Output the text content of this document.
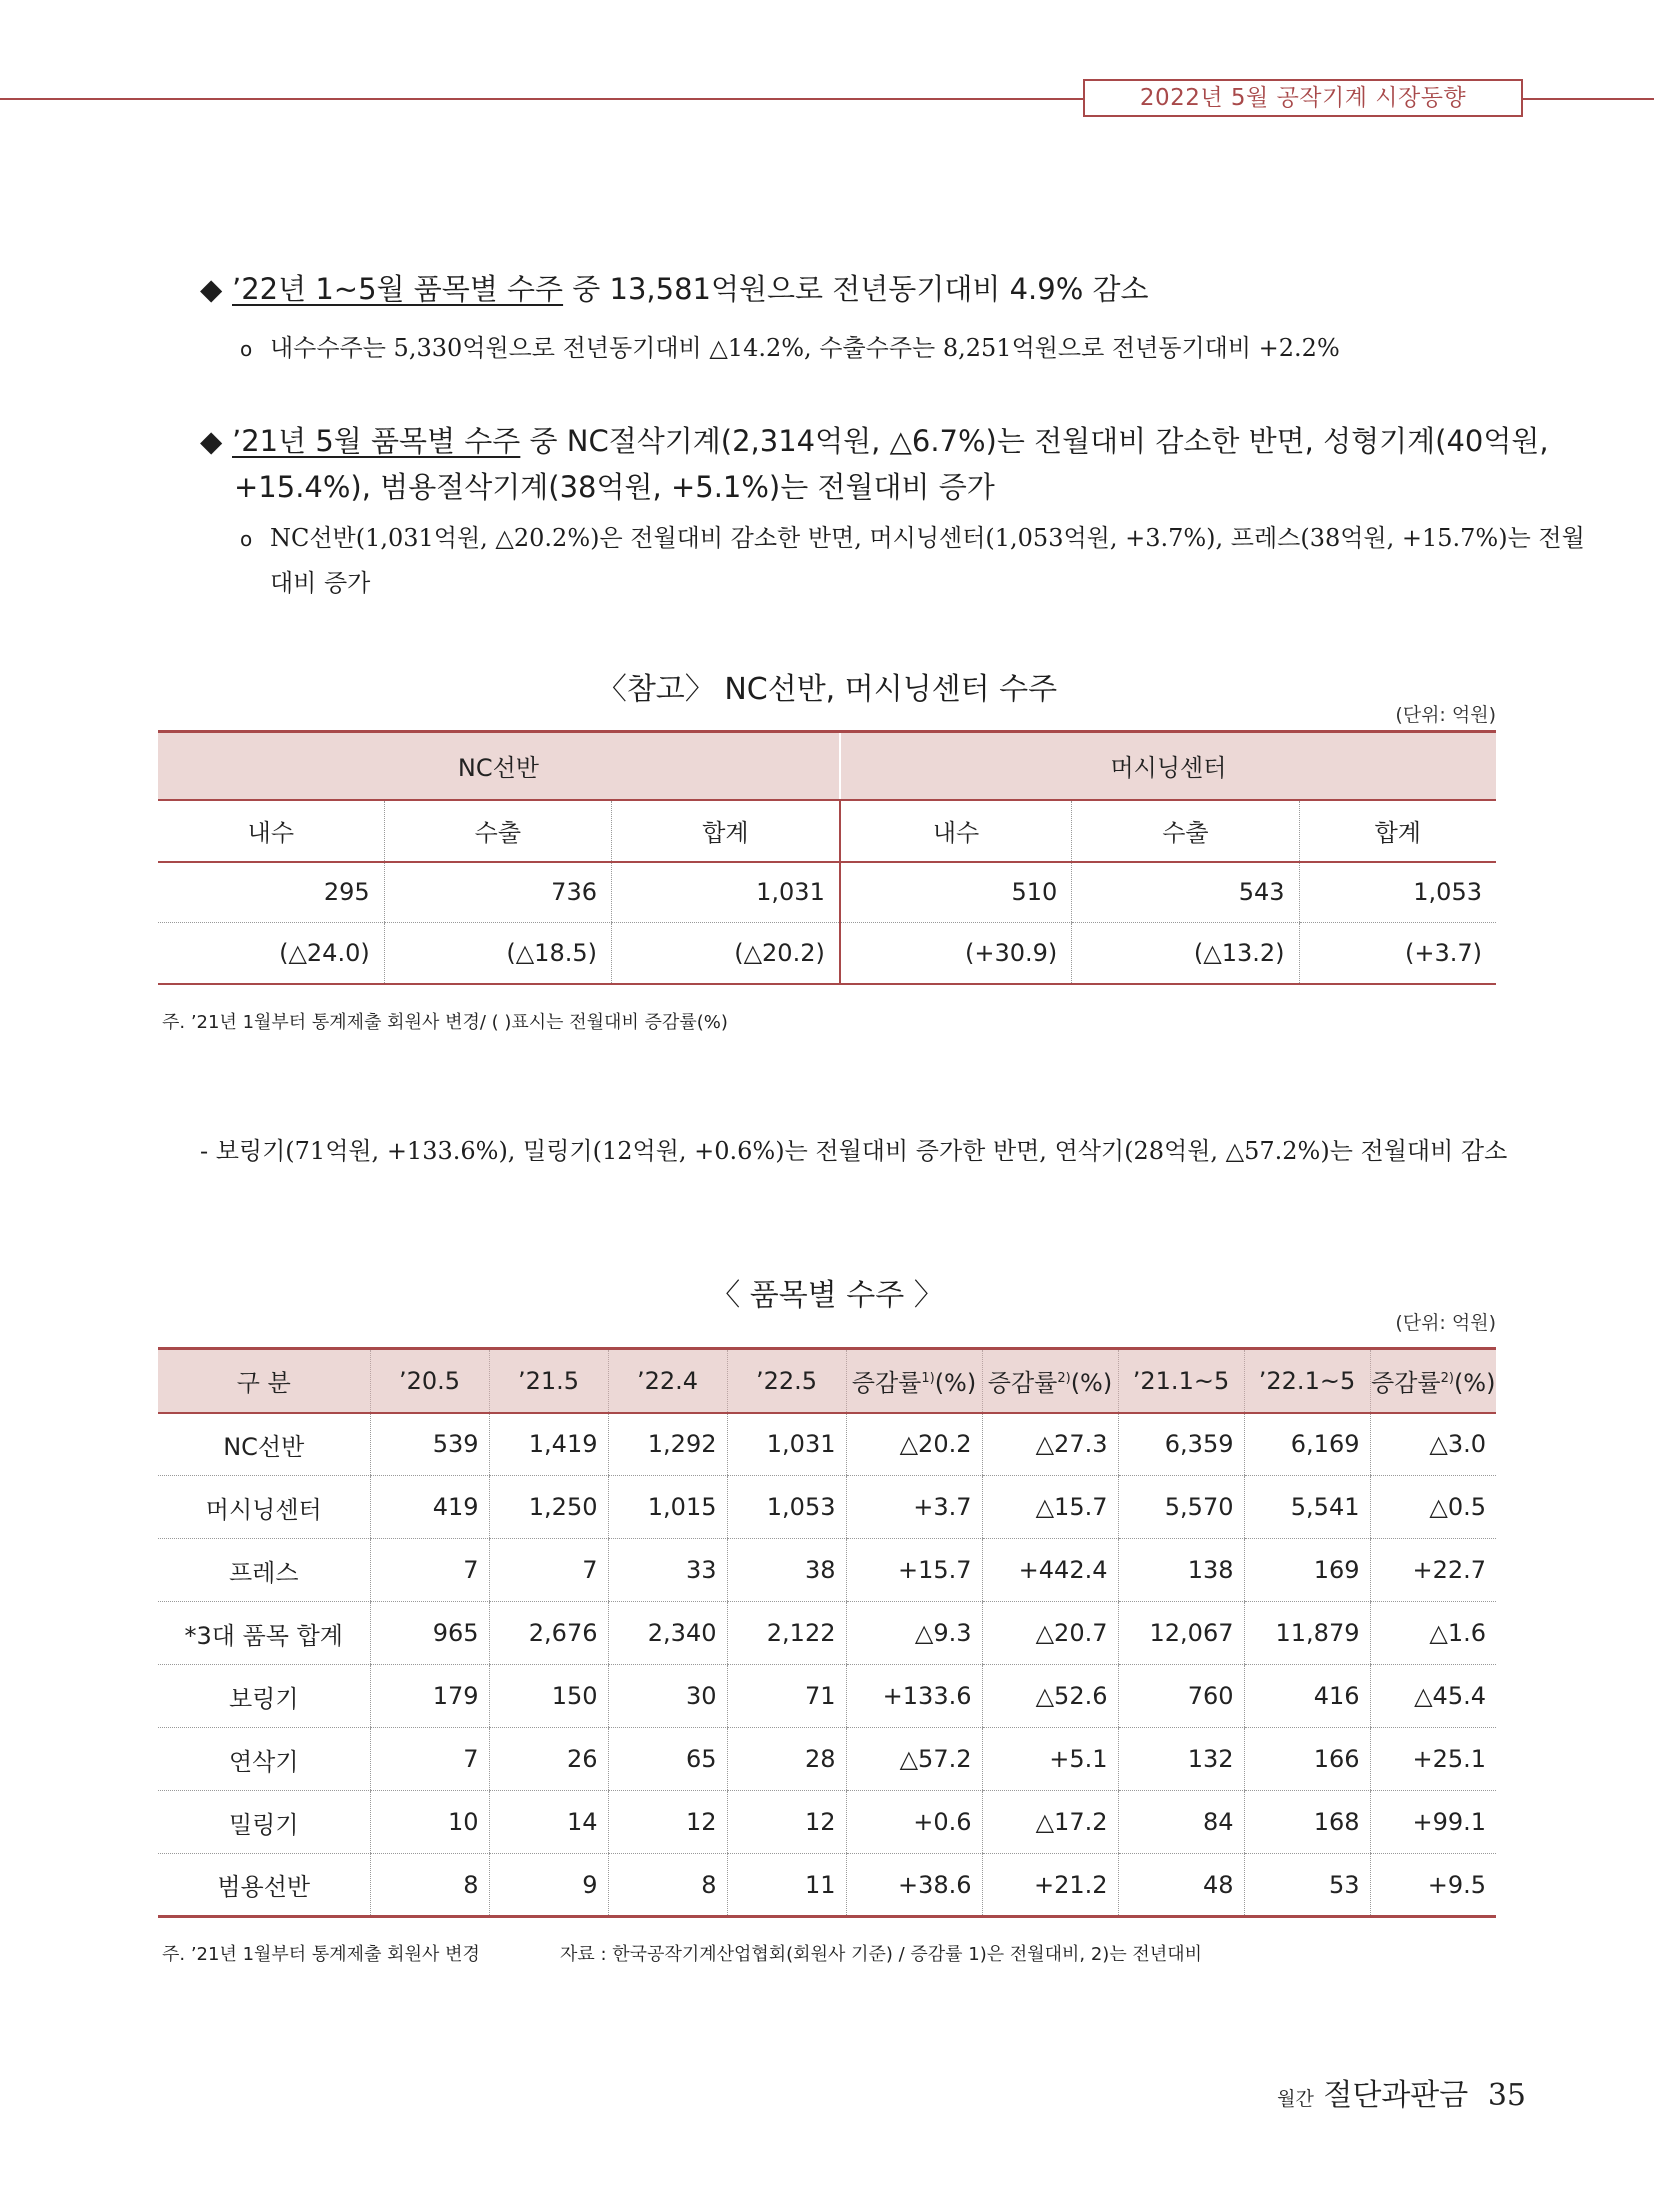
2022년 5월 공작기계 시장동향
◆ ’22년 1~5월 품목별 수주 중 13,581억원으로 전년동기대비 4.9% 감소
o 내수수주는 5,330억원으로 전년동기대비 △14.2%, 수출수주는 8,251억원으로 전년동기대비 +2.2%
◆ ’21년 5월 품목별 수주 중 NC절삭기계(2,314억원, △6.7%)는 전월대비 감소한 반면, 성형기계(40억원,
+15.4%), 범용절삭기계(38억원, +5.1%)는 전월대비 증가
o NC선반(1,031억원, △20.2%)은 전월대비 감소한 반면, 머시닝센터(1,053억원, +3.7%), 프레스(38억원, +15.7%)는 전월
대비 증가
〈참고〉 NC선반, 머시닝센터 수주
(단위: 억원)
NC선반			머시닝센터		
내수	수출	합계	내수	수출	합계
295	736	1,031	510	543	1,053
(△24.0)	(△18.5)	(△20.2)	(+30.9)	(△13.2)	(+3.7)
주. ’21년 1월부터 통계제출 회원사 변경/ ( )표시는 전월대비 증감률(%)
- 보링기(71억원, +133.6%), 밀링기(12억원, +0.6%)는 전월대비 증가한 반면, 연삭기(28억원, △57.2%)는 전월대비 감소
〈 품목별 수주 〉
(단위: 억원)
구 분	’20.5	’21.5	’22.4	’22.5	증감률$^{1)}$(%)	증감률$^{2)}$(%)	’21.1~5	’22.1~5	증감률$^{2)}$(%)
NC선반	539	1,419	1,292	1,031	△20.2	△27.3	6,359	6,169	△3.0
머시닝센터	419	1,250	1,015	1,053	+3.7	△15.7	5,570	5,541	△0.5
프레스	7	7	33	38	+15.7	+442.4	138	169	+22.7
*3대 품목 합계	965	2,676	2,340	2,122	△9.3	△20.7	12,067	11,879	△1.6
보링기	179	150	30	71	+133.6	△52.6	760	416	△45.4
연삭기	7	26	65	28	△57.2	+5.1	132	166	+25.1
밀링기	10	14	12	12	+0.6	△17.2	84	168	+99.1
범용선반	8	9	8	11	+38.6	+21.2	48	53	+9.5
주. ’21년 1월부터 통계제출 회원사 변경	자료 : 한국공작기계산업협회(회원사 기준) / 증감률 1)은 전월대비, 2)는 전년대비
월간 절단과판금 35
